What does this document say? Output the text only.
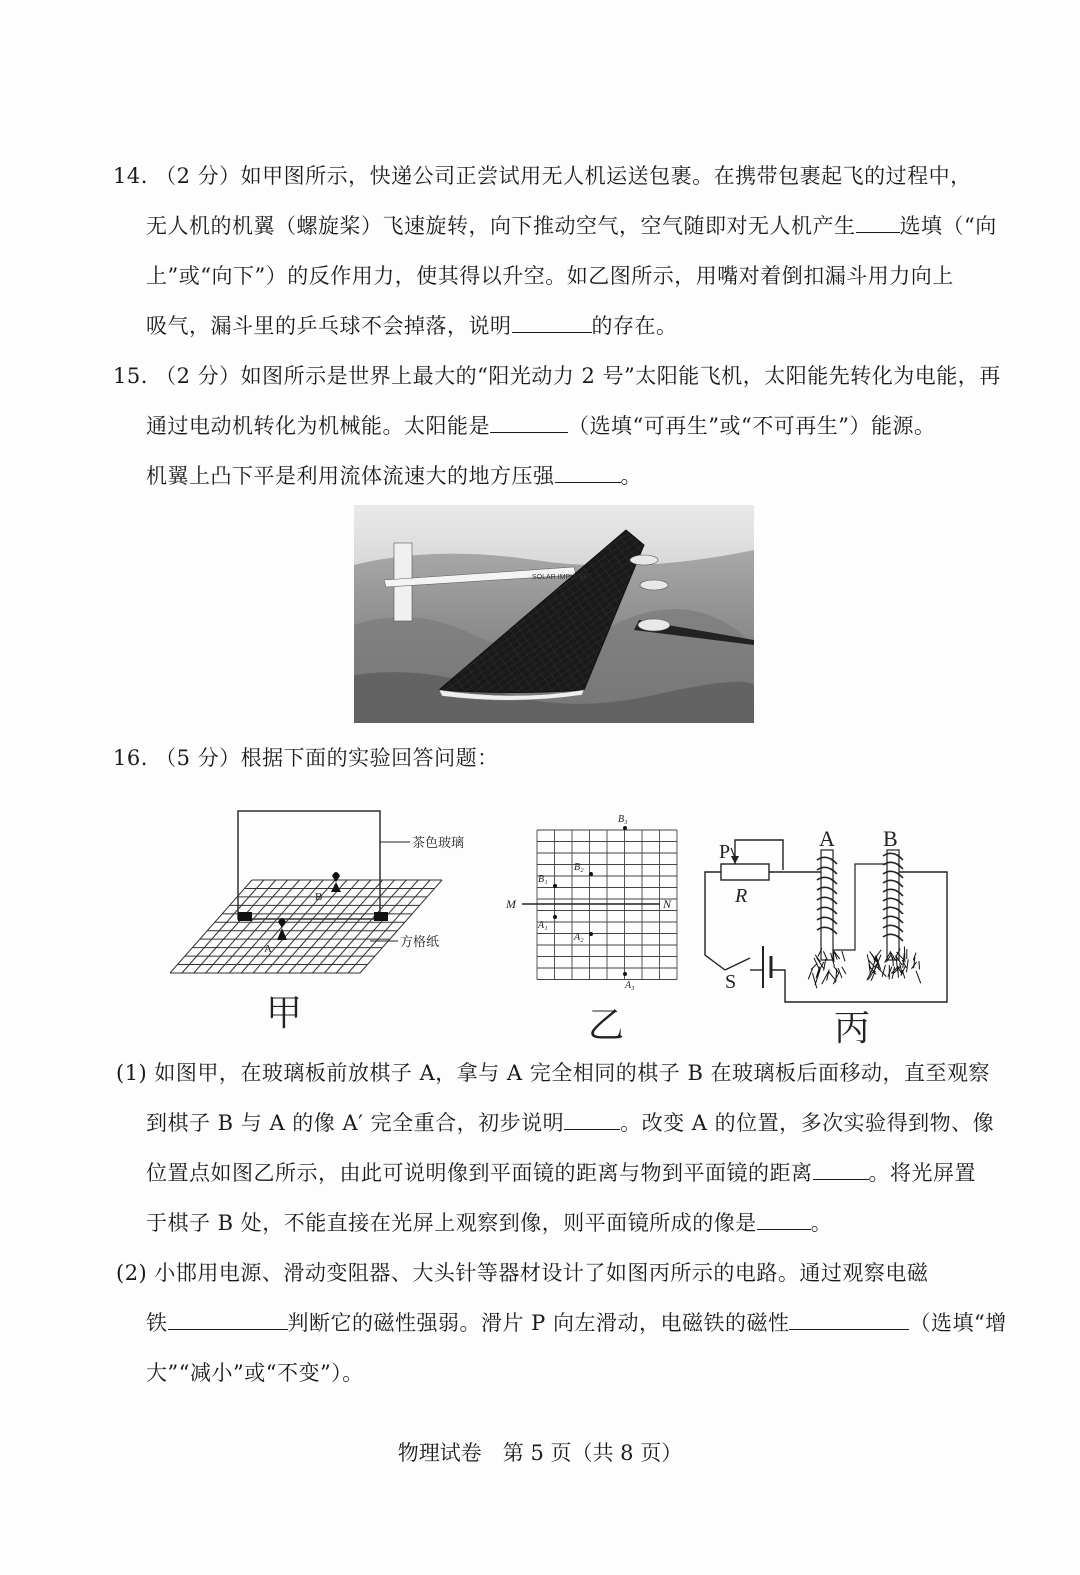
14. （2 分）如甲图所示，快递公司正尝试用无人机运送包裹。在携带包裹起飞的过程中，
无人机的机翼（螺旋桨）飞速旋转，向下推动空气，空气随即对无人机产生 选填（“向
上”或“向下”）的反作用力，使其得以升空。如乙图所示，用嘴对着倒扣漏斗用力向上
吸气，漏斗里的乒乓球不会掉落，说明	的存在。
15. （2 分）如图所示是世界上最大的“阳光动力 2 号”太阳能飞机，太阳能先转化为电能，再
通过电动机转化为机械能。太阳能是	（选填“可再生”或“不可再生”）能源。
机翼上凸下平是利用流体流速大的地方压强	。
SOLAR IMPULSE
16. （5 分）根据下面的实验回答问题：
茶色玻璃
B
A	方格纸
甲
M	N
B₃
B₂
B₁
A₁
A₂
A₃
乙
P
R
S
A B
丙
(1) 如图甲，在玻璃板前放棋子 A，拿与 A 完全相同的棋子 B 在玻璃板后面移动，直至观察
到棋子 B 与 A 的像 A′ 完全重合，初步说明	。改变 A 的位置，多次实验得到物、像
位置点如图乙所示，由此可说明像到平面镜的距离与物到平面镜的距离	。将光屏置
于棋子 B 处，不能直接在光屏上观察到像，则平面镜所成的像是	。
(2) 小邯用电源、滑动变阻器、大头针等器材设计了如图丙所示的电路。通过观察电磁
铁	判断它的磁性强弱。滑片 P 向左滑动，电磁铁的磁性	（选填“增
大”“减小”或“不变”）。
物理试卷　第 5 页（共 8 页）
